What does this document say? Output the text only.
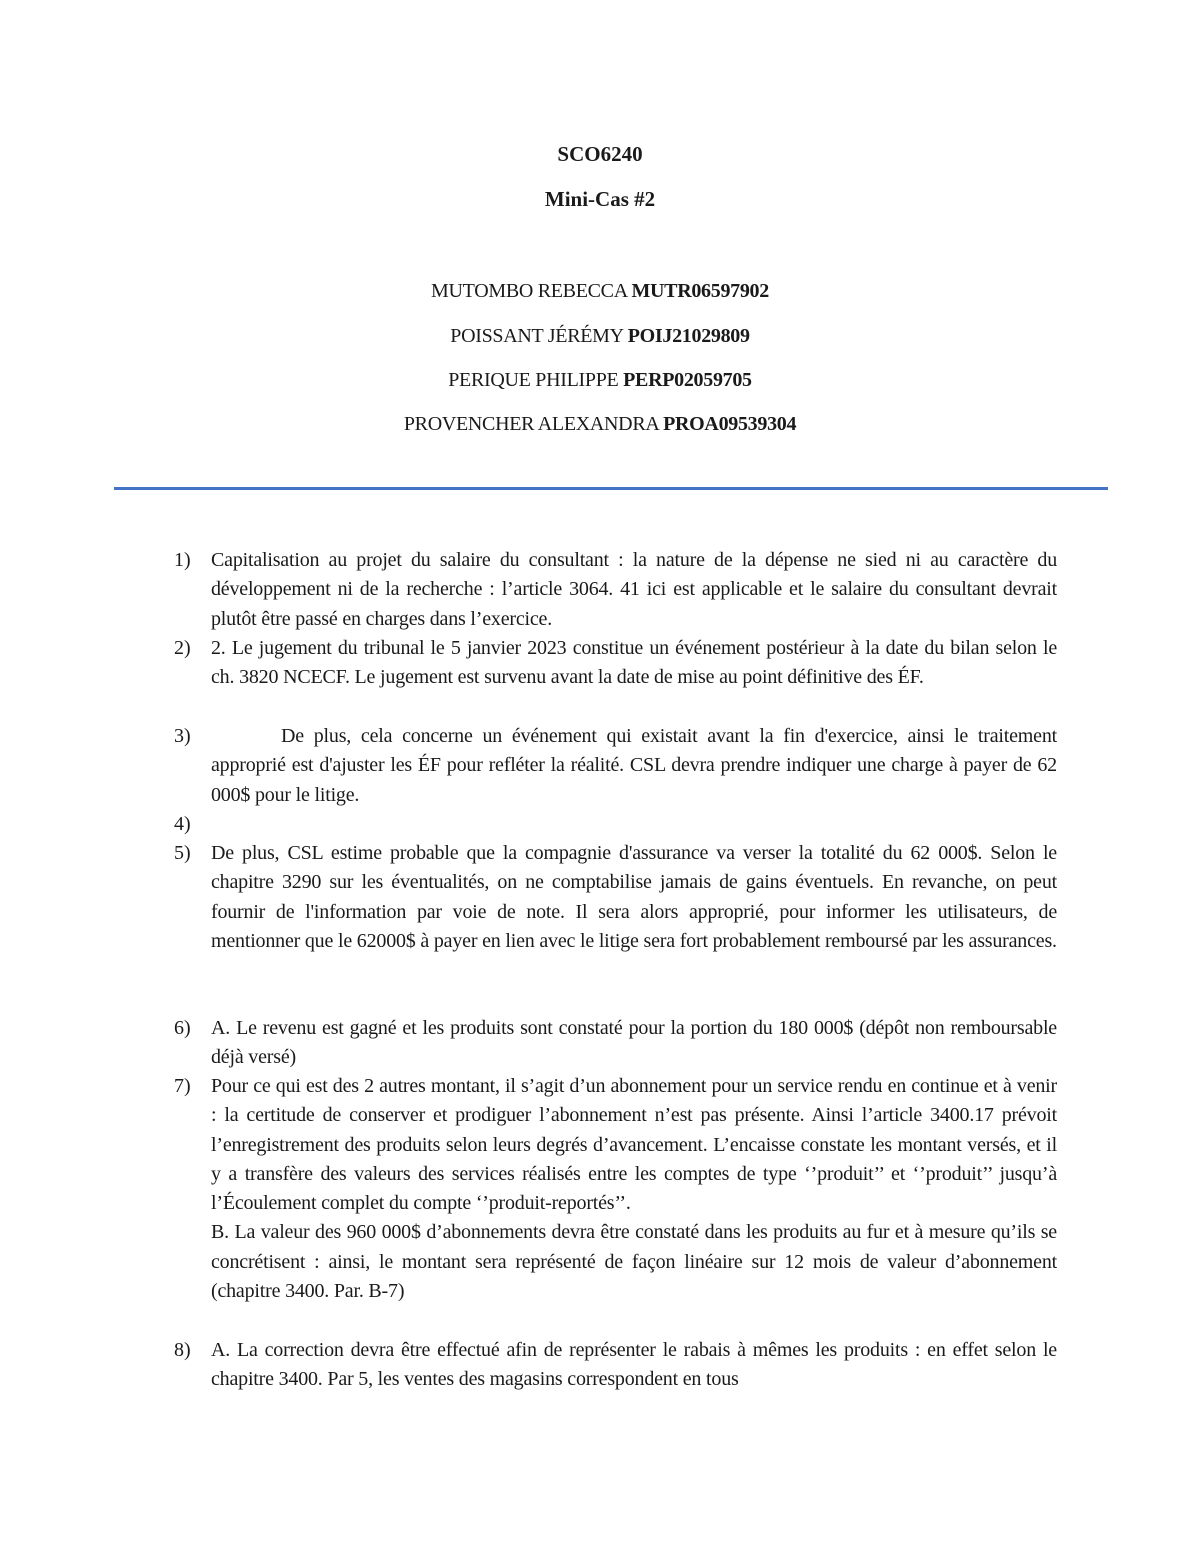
SCO6240
Mini-Cas #2
MUTOMBO REBECCA MUTR06597902
POISSANT JÉRÉMY POIJ21029809
PERIQUE PHILIPPE PERP02059705
PROVENCHER ALEXANDRA PROA09539304
1) Capitalisation au projet du salaire du consultant : la nature de la dépense ne sied ni au caractère du développement ni de la recherche : l’article 3064. 41 ici est applicable et le salaire du consultant devrait plutôt être passé en charges dans l’exercice.

2) 2. Le jugement du tribunal le 5 janvier 2023 constitue un événement postérieur à la date du bilan selon le ch. 3820 NCECF. Le jugement est survenu avant la date de mise au point définitive des ÉF.

3)	De plus, cela concerne un événement qui existait avant la fin d'exercice, ainsi le traitement approprié est d'ajuster les ÉF pour refléter la réalité. CSL devra prendre indiquer une charge à payer de 62 000$ pour le litige.

4)

5) De plus, CSL estime probable que la compagnie d'assurance va verser la totalité du 62 000$. Selon le chapitre 3290 sur les éventualités, on ne comptabilise jamais de gains éventuels. En revanche, on peut fournir de l'information par voie de note. Il sera alors approprié, pour informer les utilisateurs, de mentionner que le 62000$ à payer en lien avec le litige sera fort probablement remboursé par les assurances.

6) A. Le revenu est gagné et les produits sont constaté pour la portion du 180 000$ (dépôt non remboursable déjà versé)

7) Pour ce qui est des 2 autres montant, il s’agit d’un abonnement pour un service rendu en continue et à venir : la certitude de conserver et prodiguer l’abonnement n’est pas présente. Ainsi l’article 3400.17 prévoit l’enregistrement des produits selon leurs degrés d’avancement. L’encaisse constate les montant versés, et il y a transfère des valeurs des services réalisés entre les comptes de type ‘’produit’’ et ‘’produit’’ jusqu’à l’Écoulement complet du compte ‘’produit-reportés’’.

B. La valeur des 960 000$ d’abonnements devra être constaté dans les produits au fur et à mesure qu’ils se concrétisent : ainsi, le montant sera représenté de façon linéaire sur 12 mois de valeur d’abonnement (chapitre 3400. Par. B-7)

8) A. La correction devra être effectué afin de représenter le rabais à mêmes les produits : en effet selon le chapitre 3400. Par 5, les ventes des magasins correspondent en tous
